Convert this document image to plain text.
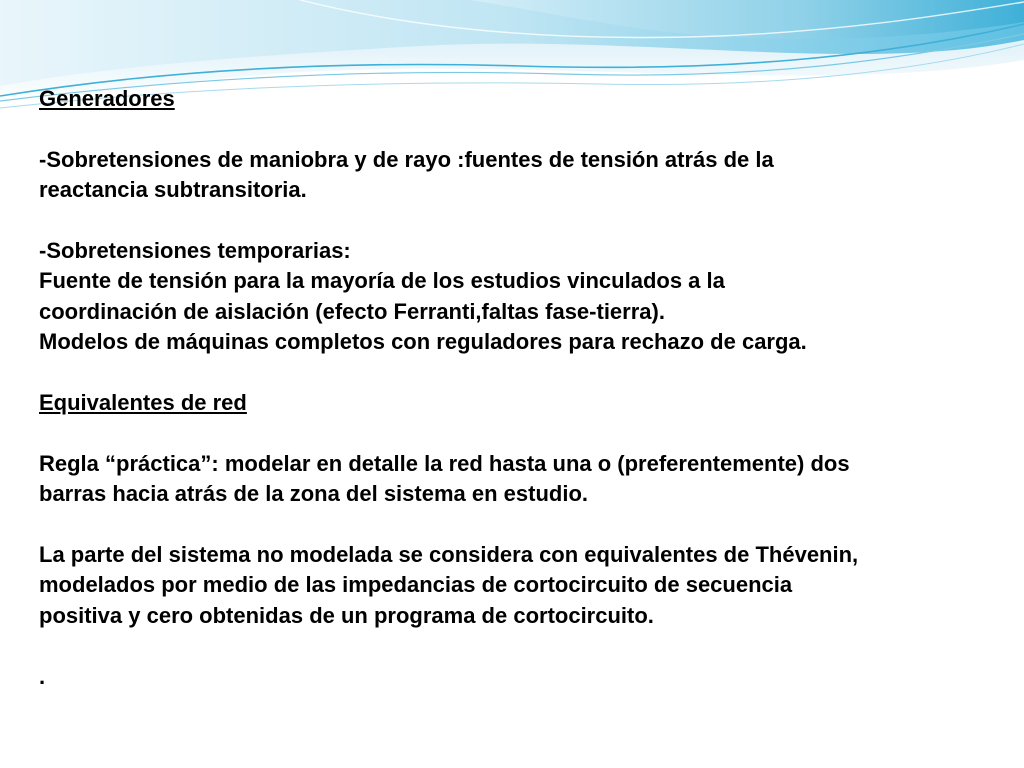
Generadores
-Sobretensiones de maniobra y de rayo :fuentes de tensión atrás de la
reactancia subtransitoria.
-Sobretensiones temporarias:
Fuente de tensión para la mayoría de los estudios vinculados a la
coordinación de aislación (efecto Ferranti,faltas fase-tierra).
Modelos de máquinas completos con reguladores para rechazo de carga.
Equivalentes de red
Regla “práctica”: modelar en detalle la red hasta una o (preferentemente) dos
barras hacia atrás de la zona del sistema en estudio.
La parte del sistema no modelada se considera con equivalentes de Thévenin,
modelados por medio de las impedancias de cortocircuito de secuencia
positiva y cero obtenidas de un programa de cortocircuito.
.
